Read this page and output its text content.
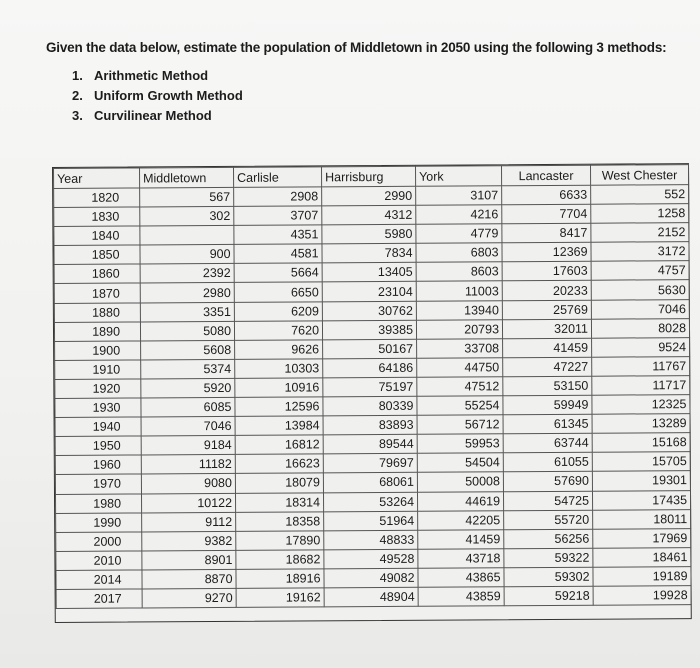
Given the data below, estimate the population of Middletown in 2050 using the following 3 methods:
1. Arithmetic Method
2. Uniform Growth Method
3. Curvilinear Method
Year	Middletown	Carlisle	Harrisburg	York	Lancaster	West Chester
1820	567	2908	2990	3107	6633	552
1830	302	3707	4312	4216	7704	1258
1840		4351	5980	4779	8417	2152
1850	900	4581	7834	6803	12369	3172
1860	2392	5664	13405	8603	17603	4757
1870	2980	6650	23104	11003	20233	5630
1880	3351	6209	30762	13940	25769	7046
1890	5080	7620	39385	20793	32011	8028
1900	5608	9626	50167	33708	41459	9524
1910	5374	10303	64186	44750	47227	11767
1920	5920	10916	75197	47512	53150	11717
1930	6085	12596	80339	55254	59949	12325
1940	7046	13984	83893	56712	61345	13289
1950	9184	16812	89544	59953	63744	15168
1960	11182	16623	79697	54504	61055	15705
1970	9080	18079	68061	50008	57690	19301
1980	10122	18314	53264	44619	54725	17435
1990	9112	18358	51964	42205	55720	18011
2000	9382	17890	48833	41459	56256	17969
2010	8901	18682	49528	43718	59322	18461
2014	8870	18916	49082	43865	59302	19189
2017	9270	19162	48904	43859	59218	19928
